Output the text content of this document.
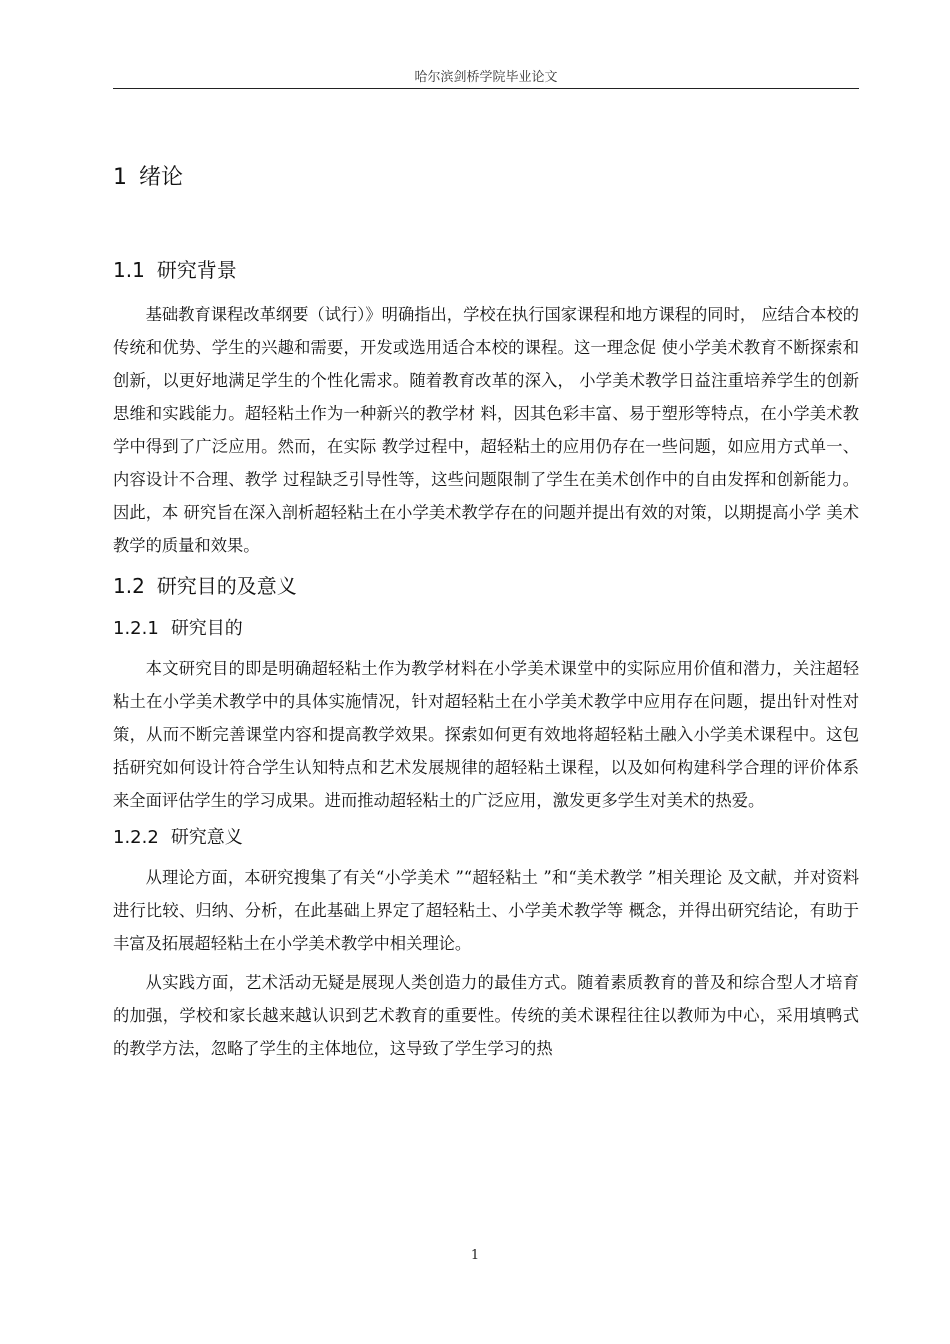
哈尔滨剑桥学院毕业论文
1 绪论
1.1 研究背景

基础教育课程改革纲要（试行）》明确指出，学校在执行国家课程和地方课程的同时， 应结合本校的传统和优势、学生的兴趣和需要，开发或选用适合本校的课程。这一理念促 使小学美术教育不断探索和创新，以更好地满足学生的个性化需求。随着教育改革的深入， 小学美术教学日益注重培养学生的创新思维和实践能力。超轻粘土作为一种新兴的教学材 料，因其色彩丰富、易于塑形等特点，在小学美术教学中得到了广泛应用。然而，在实际 教学过程中，超轻粘土的应用仍存在一些问题，如应用方式单一、内容设计不合理、教学 过程缺乏引导性等，这些问题限制了学生在美术创作中的自由发挥和创新能力。因此，本 研究旨在深入剖析超轻粘土在小学美术教学存在的问题并提出有效的对策，以期提高小学 美术教学的质量和效果。

1.2 研究目的及意义
1.2.1 研究目的

本文研究目的即是明确超轻粘土作为教学材料在小学美术课堂中的实际应用价值和潜力，关注超轻粘土在小学美术教学中的具体实施情况，针对超轻粘土在小学美术教学中应用存在问题，提出针对性对策，从而不断完善课堂内容和提高教学效果。探索如何更有效地将超轻粘土融入小学美术课程中。这包括研究如何设计符合学生认知特点和艺术发展规律的超轻粘土课程，以及如何构建科学合理的评价体系来全面评估学生的学习成果。进而推动超轻粘土的广泛应用，激发更多学生对美术的热爱。

1.2.2 研究意义

从理论方面，本研究搜集了有关“小学美术 ”“超轻粘土 ”和“美术教学 ”相关理论 及文献，并对资料进行比较、归纳、分析，在此基础上界定了超轻粘土、小学美术教学等 概念，并得出研究结论，有助于丰富及拓展超轻粘土在小学美术教学中相关理论。

从实践方面，艺术活动无疑是展现人类创造力的最佳方式。随着素质教育的普及和综合型人才培育的加强，学校和家长越来越认识到艺术教育的重要性。传统的美术课程往往以教师为中心，采用填鸭式的教学方法，忽略了学生的主体地位，这导致了学生学习的热

1
